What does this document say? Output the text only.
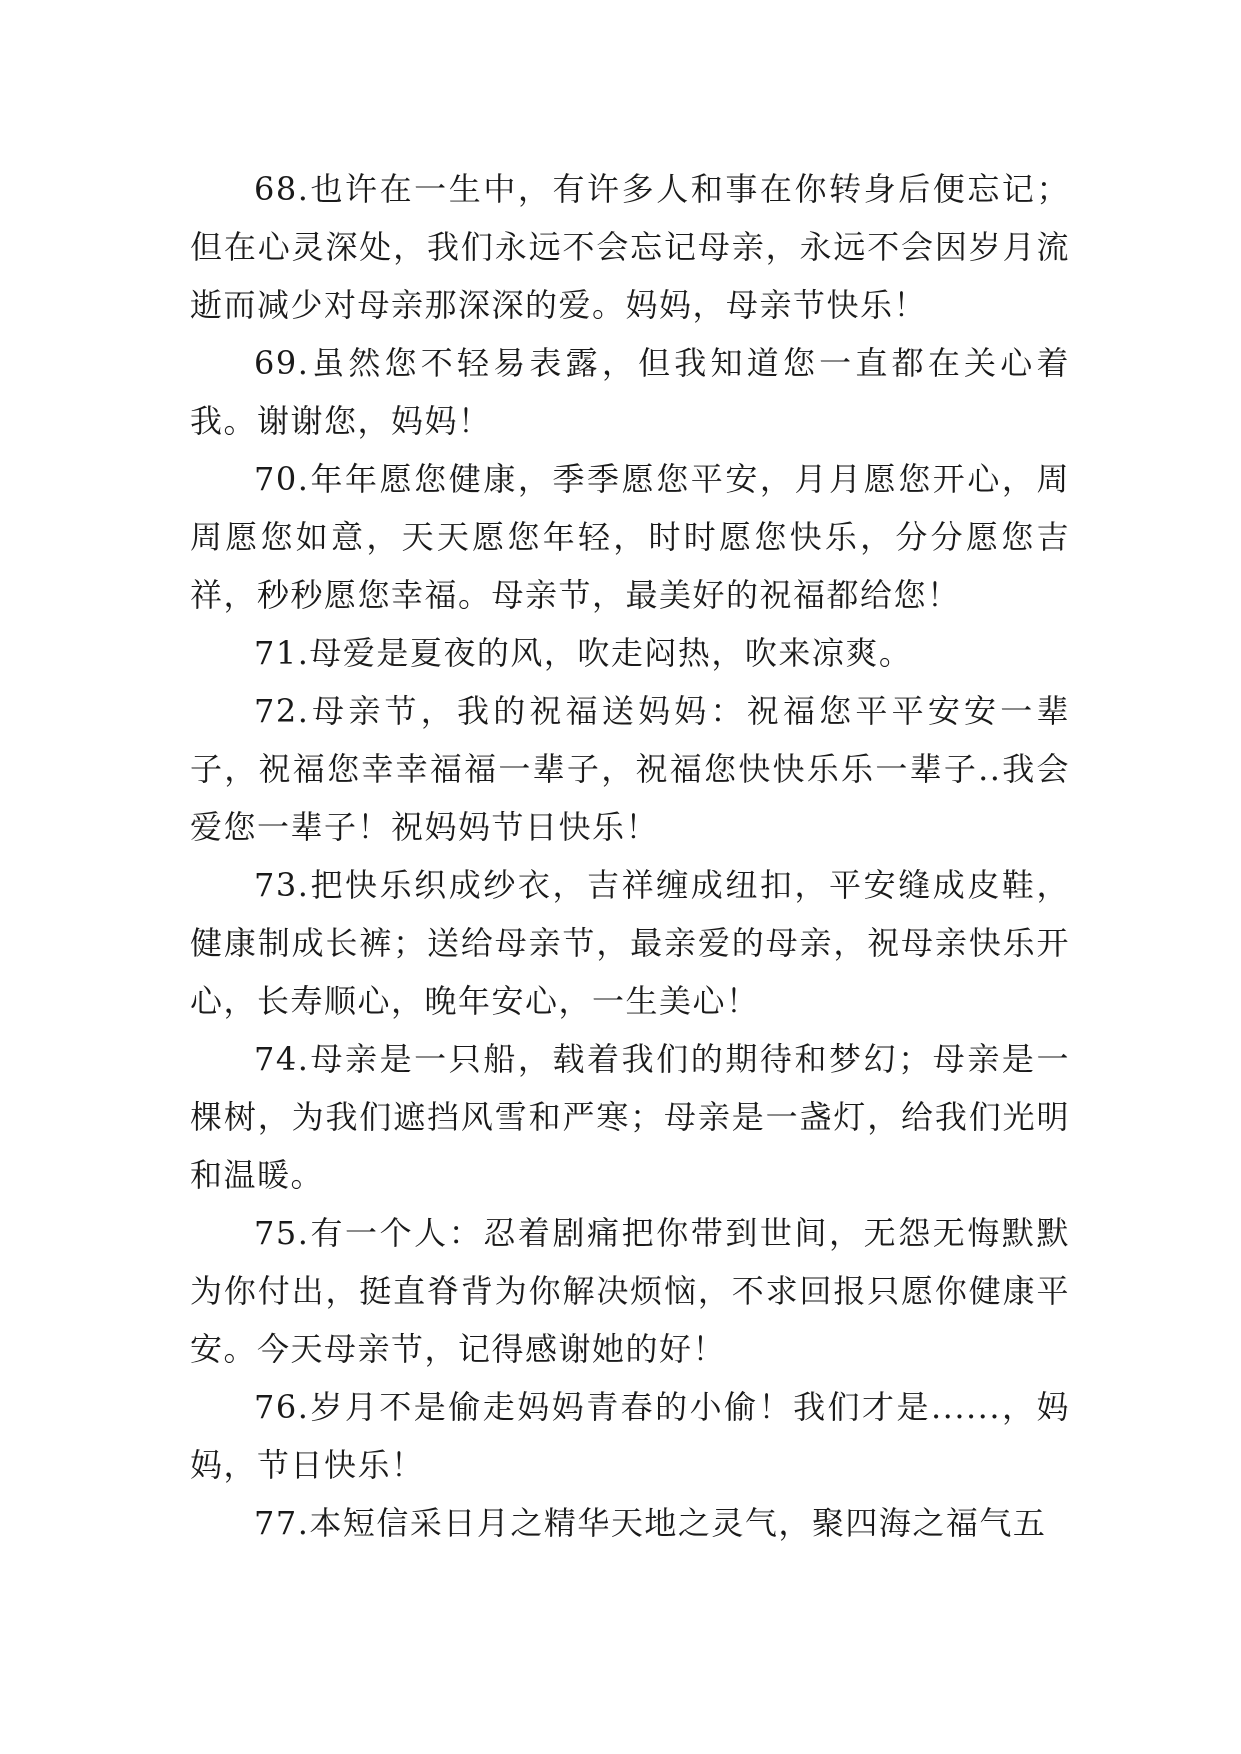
68.也许在一生中，有许多人和事在你转身后便忘记；但在心灵深处，我们永远不会忘记母亲，永远不会因岁月流逝而减少对母亲那深深的爱。妈妈，母亲节快乐！

69.虽然您不轻易表露，但我知道您一直都在关心着我。谢谢您，妈妈！

70.年年愿您健康，季季愿您平安，月月愿您开心，周周愿您如意，天天愿您年轻，时时愿您快乐，分分愿您吉祥，秒秒愿您幸福。母亲节，最美好的祝福都给您！

71.母爱是夏夜的风，吹走闷热，吹来凉爽。

72.母亲节，我的祝福送妈妈：祝福您平平安安一辈子，祝福您幸幸福福一辈子，祝福您快快乐乐一辈子..我会爱您一辈子！祝妈妈节日快乐！

73.把快乐织成纱衣，吉祥缠成纽扣，平安缝成皮鞋，健康制成长裤；送给母亲节，最亲爱的母亲，祝母亲快乐开心，长寿顺心，晚年安心，一生美心！

74.母亲是一只船，载着我们的期待和梦幻；母亲是一棵树，为我们遮挡风雪和严寒；母亲是一盏灯，给我们光明和温暖。

75.有一个人：忍着剧痛把你带到世间，无怨无悔默默为你付出，挺直脊背为你解决烦恼，不求回报只愿你健康平安。今天母亲节，记得感谢她的好！

76.岁月不是偷走妈妈青春的小偷！我们才是......，妈妈，节日快乐！

77.本短信采日月之精华天地之灵气，聚四海之福气五
